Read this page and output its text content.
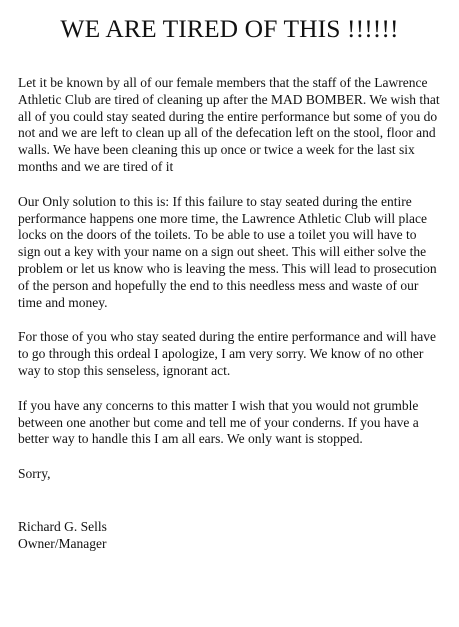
WE ARE TIRED OF THIS !!!!!!

Let it be known by all of our female members that the staff of the Lawrence Athletic Club are tired of cleaning up after the MAD BOMBER. We wish that all of you could stay seated during the entire performance but some of you do not and we are left to clean up all of the defecation left on the stool, floor and walls. We have been cleaning this up once or twice a week for the last six months and we are tired of it

Our Only solution to this is: If this failure to stay seated during the entire performance happens one more time, the Lawrence Athletic Club will place locks on the doors of the toilets. To be able to use a toilet you will have to sign out a key with your name on a sign out sheet. This will either solve the problem or let us know who is leaving the mess. This will lead to prosecution of the person and hopefully the end to this needless mess and waste of our time and money.

For those of you who stay seated during the entire performance and will have to go through this ordeal I apologize, I am very sorry. We know of no other way to stop this senseless, ignorant act.

If you have any concerns to this matter I wish that you would not grumble between one another but come and tell me of your conderns. If you have a better way to handle this I am all ears. We only want is stopped.

Sorry,

Richard G. Sells

Owner/Manager
